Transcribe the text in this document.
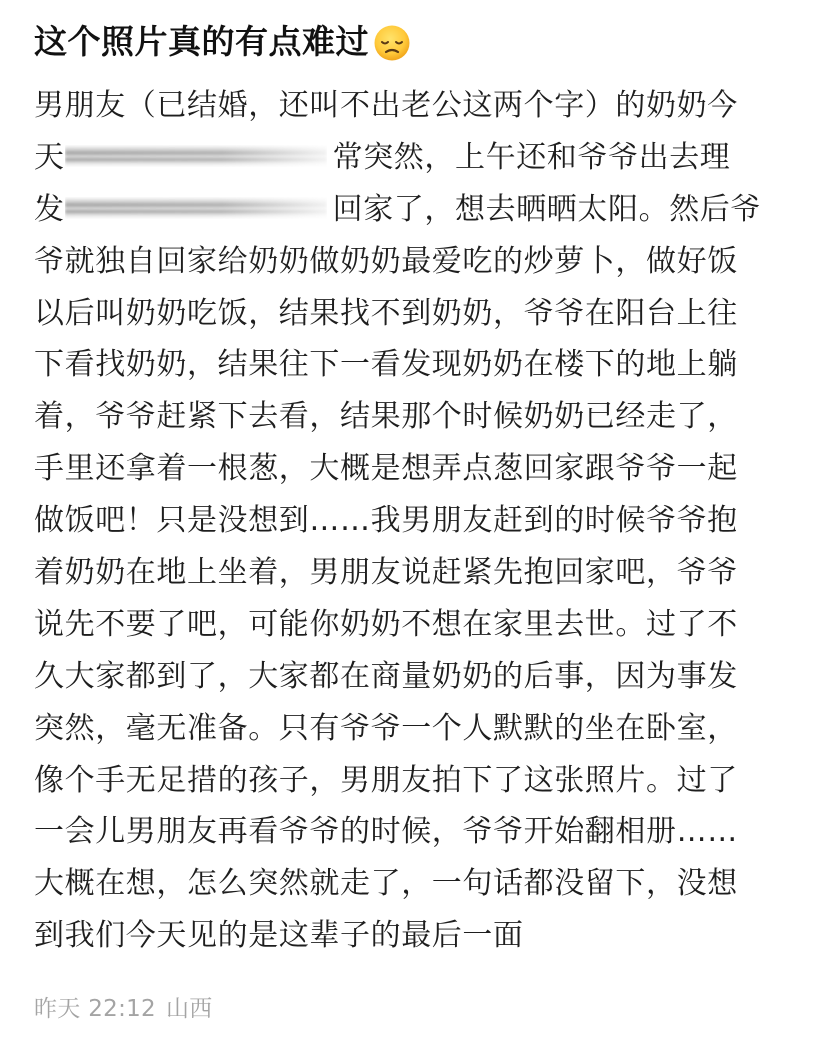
这个照片真的有点难过
男朋友（已结婚，还叫不出老公这两个字）的奶奶今
天	常突然，上午还和爷爷出去理
发	回家了，想去晒晒太阳。然后爷
爷就独自回家给奶奶做奶奶最爱吃的炒萝卜，做好饭
以后叫奶奶吃饭，结果找不到奶奶，爷爷在阳台上往
下看找奶奶，结果往下一看发现奶奶在楼下的地上躺
着，爷爷赶紧下去看，结果那个时候奶奶已经走了，
手里还拿着一根葱，大概是想弄点葱回家跟爷爷一起
做饭吧！只是没想到……我男朋友赶到的时候爷爷抱
着奶奶在地上坐着，男朋友说赶紧先抱回家吧，爷爷
说先不要了吧，可能你奶奶不想在家里去世。过了不
久大家都到了，大家都在商量奶奶的后事，因为事发
突然，毫无准备。只有爷爷一个人默默的坐在卧室，
像个手无足措的孩子，男朋友拍下了这张照片。过了
一会儿男朋友再看爷爷的时候，爷爷开始翻相册……
大概在想，怎么突然就走了，一句话都没留下，没想
到我们今天见的是这辈子的最后一面
昨天 22:12 山西
